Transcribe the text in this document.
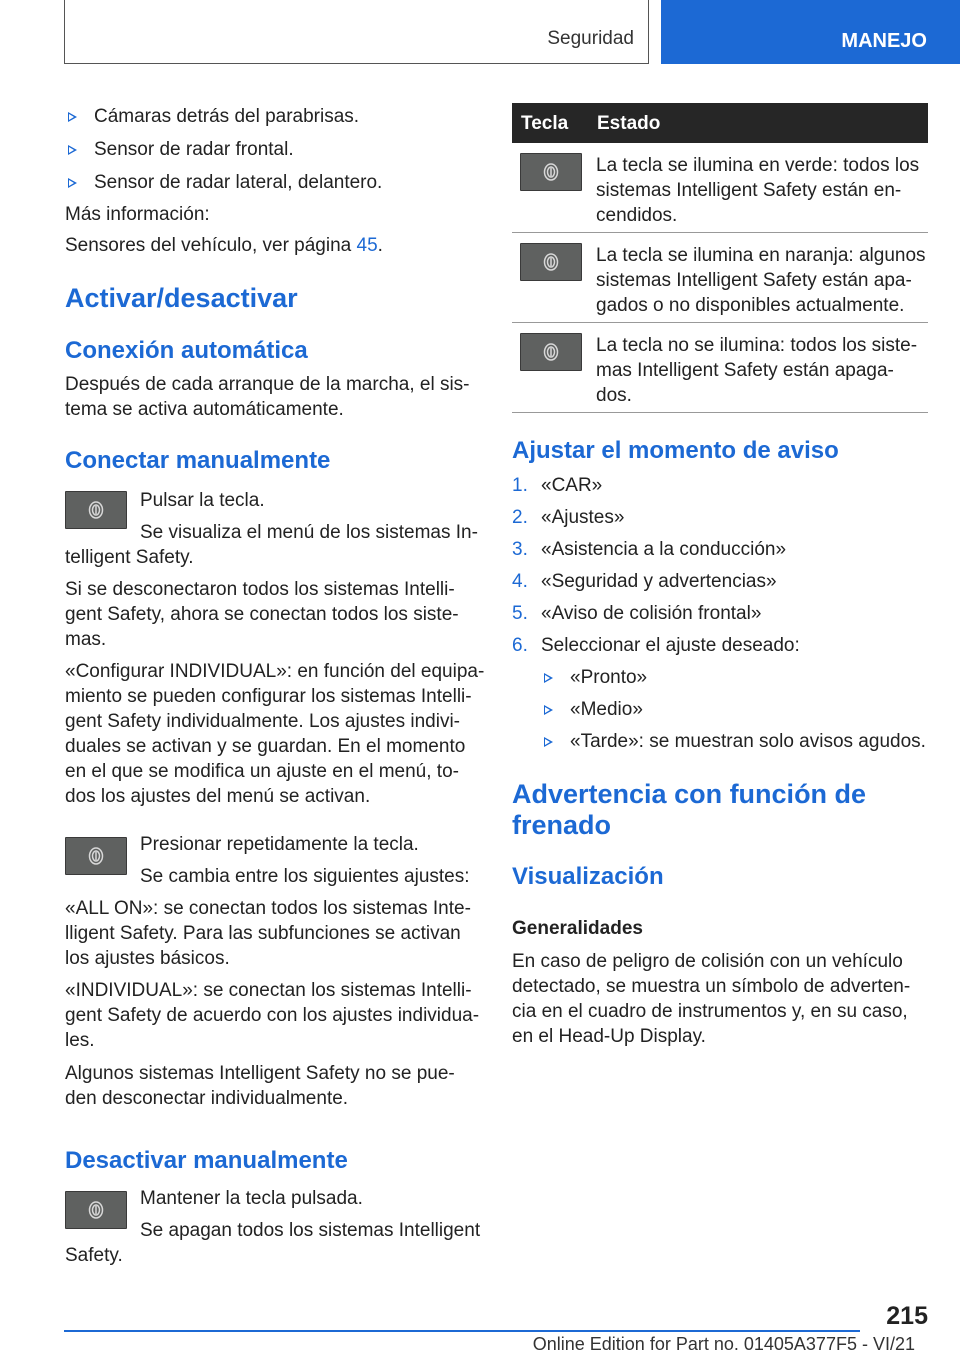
Seguridad	MANEJO
Cámaras detrás del parabrisas.
Sensor de radar frontal.
Sensor de radar lateral, delantero.

Más información:

Sensores del vehículo, ver página 45.

Activar/desactivar
Conexión automática

Después de cada arranque de la marcha, el sis-

tema se activa automáticamente.

Conectar manualmente
Pulsar la tecla.
Se visualiza el menú de los sistemas In-
telligent Safety.

Si se desconectaron todos los sistemas Intelli-

gent Safety, ahora se conectan todos los siste-

mas.

«Configurar INDIVIDUAL»: en función del equipa-

miento se pueden configurar los sistemas Intelli-

gent Safety individualmente. Los ajustes indivi-

duales se activan y se guardan. En el momento

en el que se modifica un ajuste en el menú, to-

dos los ajustes del menú se activan.

Presionar repetidamente la tecla.
Se cambia entre los siguientes ajustes:

«ALL ON»: se conectan todos los sistemas Inte-

lligent Safety. Para las subfunciones se activan

los ajustes básicos.

«INDIVIDUAL»: se conectan los sistemas Intelli-

gent Safety de acuerdo con los ajustes individua-

les.

Algunos sistemas Intelligent Safety no se pue-

den desconectar individualmente.

Desactivar manualmente
Mantener la tecla pulsada.
Se apagan todos los sistemas Intelligent
Safety.
Tecla Estado
La tecla se ilumina en verde: todos los
sistemas Intelligent Safety están en-
cendidos.
La tecla se ilumina en naranja: algunos
sistemas Intelligent Safety están apa-
gados o no disponibles actualmente.
La tecla no se ilumina: todos los siste-
mas Intelligent Safety están apaga-
dos.
Ajustar el momento de aviso
1. «CAR»
2. «Ajustes»
3. «Asistencia a la conducción»
4. «Seguridad y advertencias»
5. «Aviso de colisión frontal»
6. Seleccionar el ajuste deseado:
«Pronto»
«Medio»
«Tarde»: se muestran solo avisos agudos.
Advertencia con función de
frenado
Visualización
Generalidades

En caso de peligro de colisión con un vehículo

detectado, se muestra un símbolo de adverten-

cia en el cuadro de instrumentos y, en su caso,

en el Head-Up Display.

215
Online Edition for Part no. 01405A377F5 - VI/21
